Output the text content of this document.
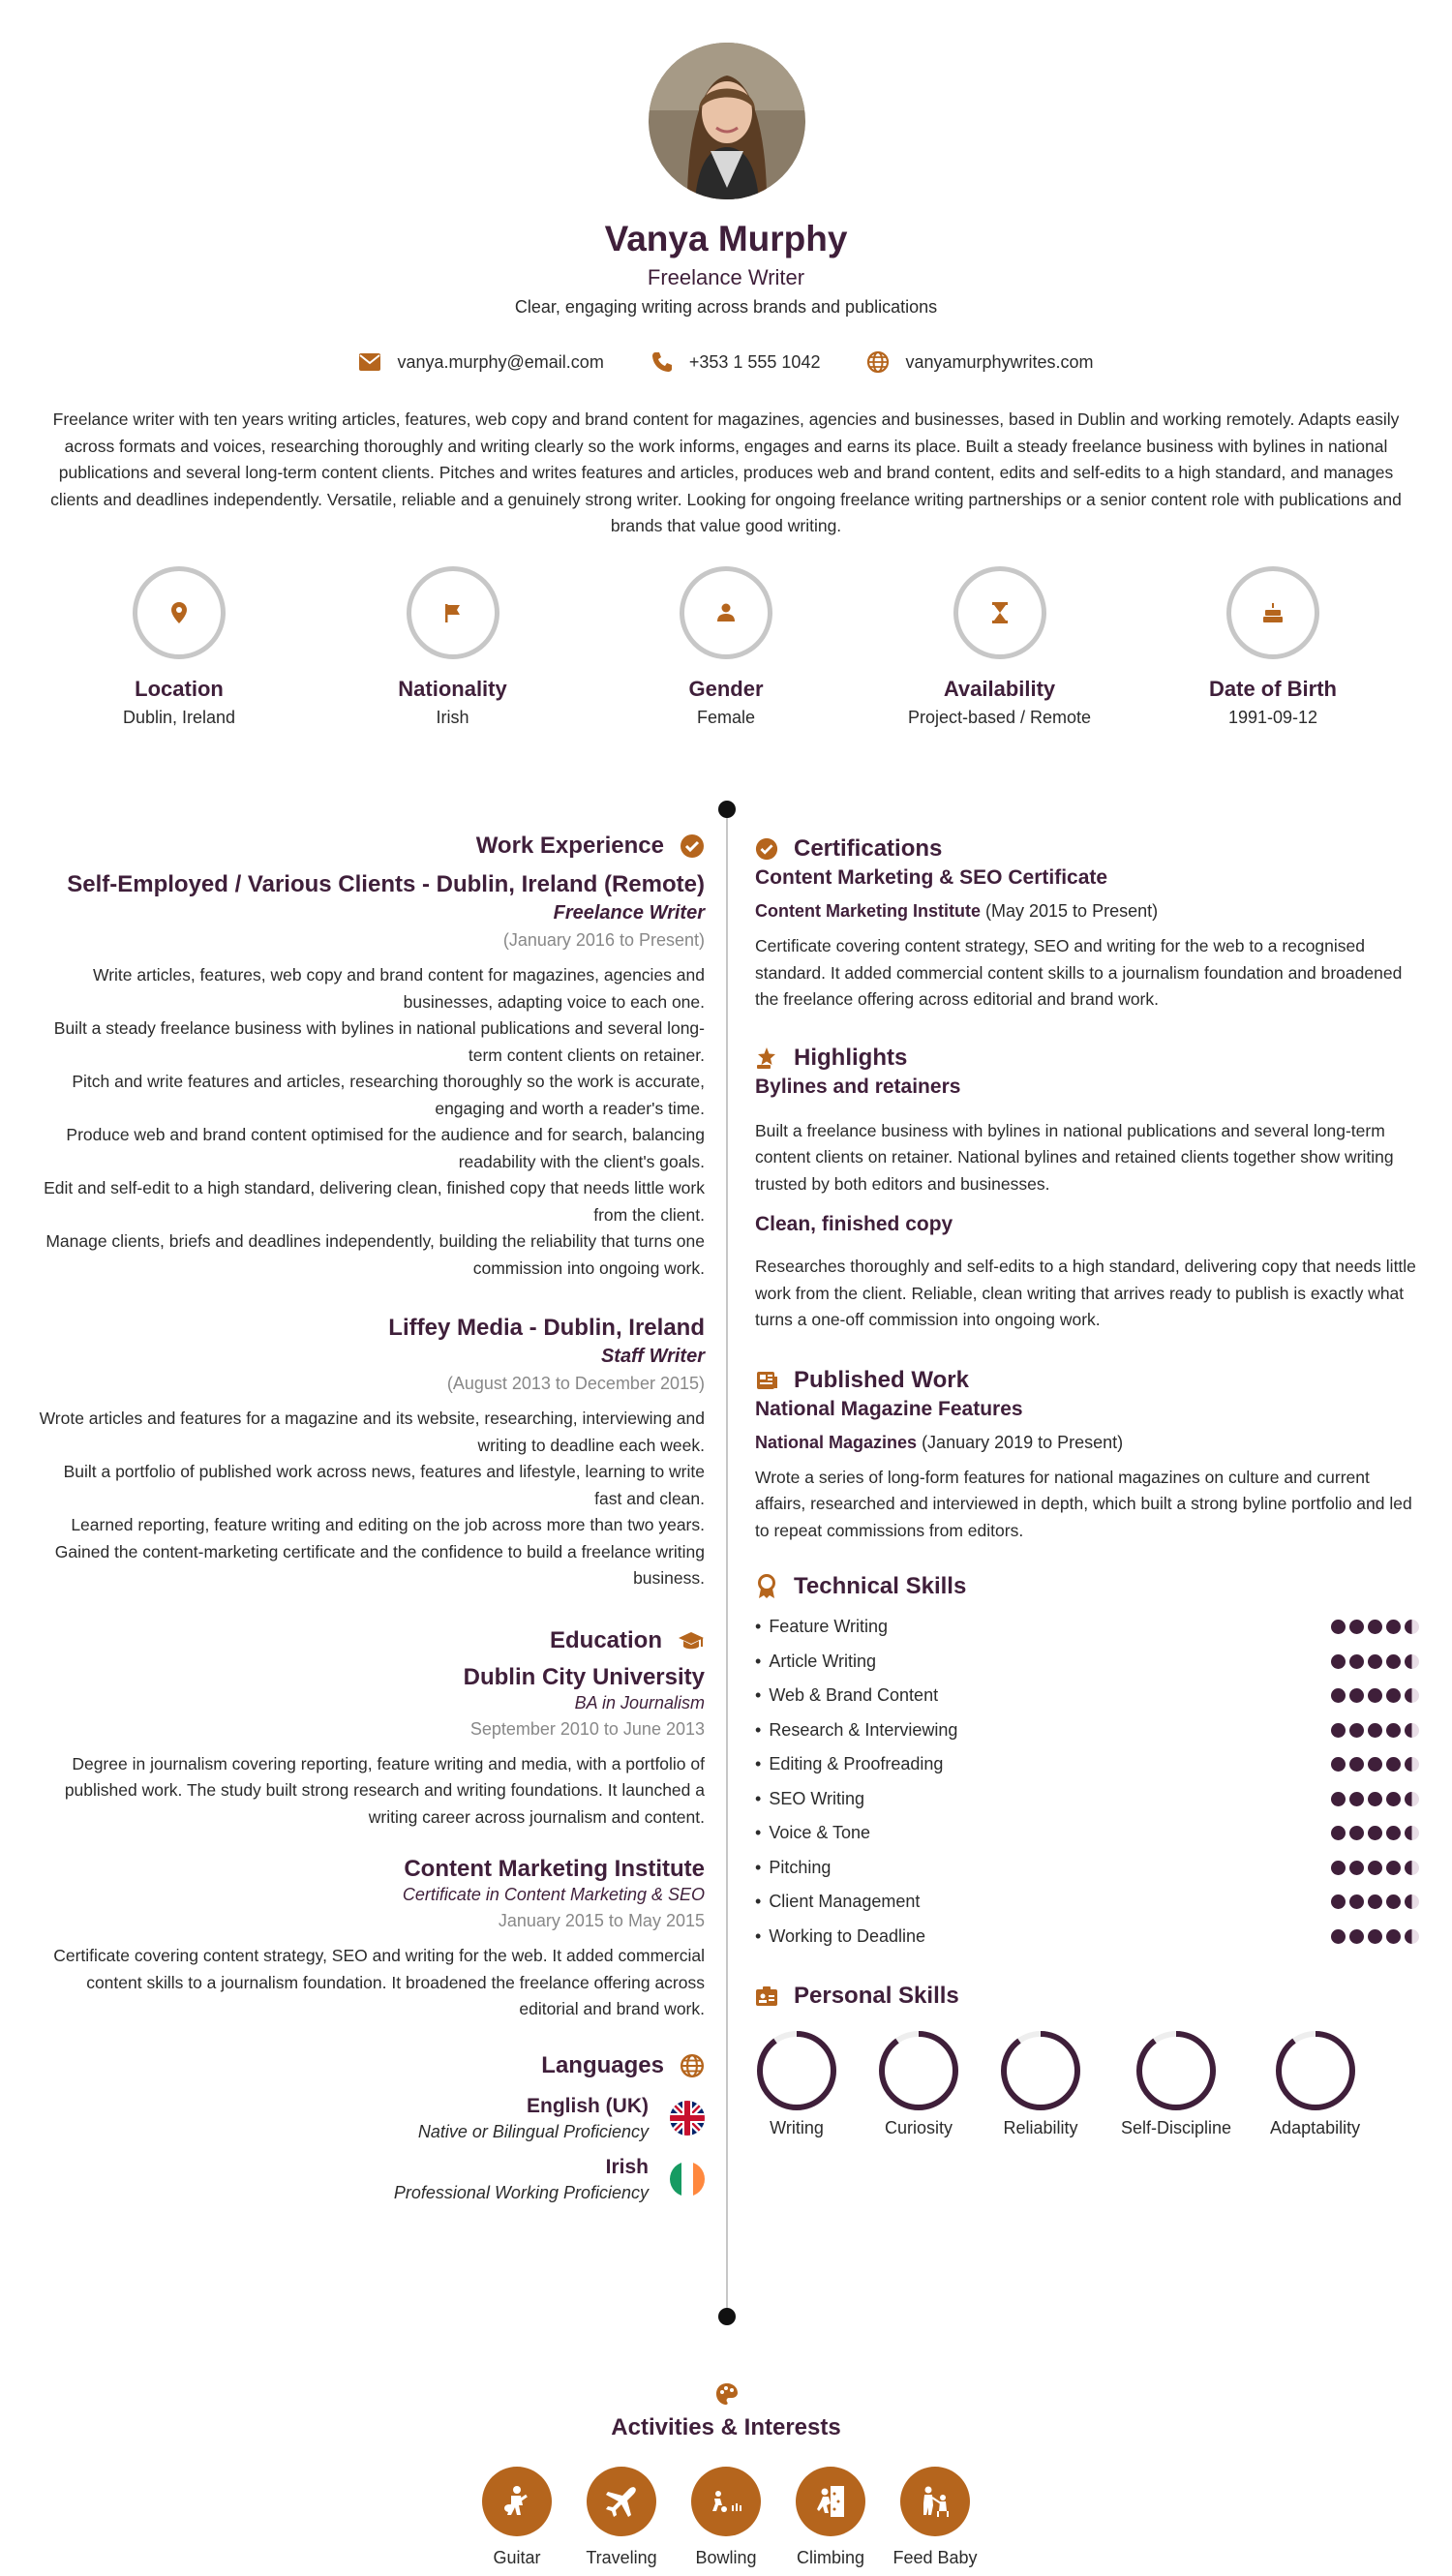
Vanya Murphy
Freelance Writer
Clear, engaging writing across brands and publications
vanya.murphy@email.com	+353 1 555 1042	vanyamurphywrites.com
Freelance writer with ten years writing articles, features, web copy and brand content for magazines, agencies and businesses, based in Dublin and working remotely. Adapts easily across formats and voices, researching thoroughly and writing clearly so the work informs, engages and earns its place. Built a steady freelance business with bylines in national publications and several long-term content clients. Pitches and writes features and articles, produces web and brand content, edits and self-edits to a high standard, and manages clients and deadlines independently. Versatile, reliable and a genuinely strong writer. Looking for ongoing freelance writing partnerships or a senior content role with publications and brands that value good writing.
Location
Dublin, Ireland
Nationality
Irish
Gender
Female
Availability
Project-based / Remote
Date of Birth
1991-09-12
Work Experience
Self-Employed / Various Clients - Dublin, Ireland (Remote)
Freelance Writer
(January 2016 to Present)
Write articles, features, web copy and brand content for magazines, agencies and businesses, adapting voice to each one.
Built a steady freelance business with bylines in national publications and several long-term content clients on retainer.
Pitch and write features and articles, researching thoroughly so the work is accurate, engaging and worth a reader's time.
Produce web and brand content optimised for the audience and for search, balancing readability with the client's goals.
Edit and self-edit to a high standard, delivering clean, finished copy that needs little work from the client.
Manage clients, briefs and deadlines independently, building the reliability that turns one commission into ongoing work.
Liffey Media - Dublin, Ireland
Staff Writer
(August 2013 to December 2015)
Wrote articles and features for a magazine and its website, researching, interviewing and writing to deadline each week.
Built a portfolio of published work across news, features and lifestyle, learning to write fast and clean.
Learned reporting, feature writing and editing on the job across more than two years.
Gained the content-marketing certificate and the confidence to build a freelance writing business.
Education
Dublin City University
BA in Journalism
September 2010 to June 2013
Degree in journalism covering reporting, feature writing and media, with a portfolio of published work. The study built strong research and writing foundations. It launched a writing career across journalism and content.
Content Marketing Institute
Certificate in Content Marketing & SEO
January 2015 to May 2015
Certificate covering content strategy, SEO and writing for the web. It added commercial content skills to a journalism foundation. It broadened the freelance offering across editorial and brand work.
Languages
English (UK)
Native or Bilingual Proficiency
Irish
Professional Working Proficiency
Certifications
Content Marketing & SEO Certificate
Content Marketing Institute (May 2015 to Present)
Certificate covering content strategy, SEO and writing for the web to a recognised standard. It added commercial content skills to a journalism foundation and broadened the freelance offering across editorial and brand work.
Highlights
Bylines and retainers
Built a freelance business with bylines in national publications and several long-term content clients on retainer. National bylines and retained clients together show writing trusted by both editors and businesses.
Clean, finished copy
Researches thoroughly and self-edits to a high standard, delivering copy that needs little work from the client. Reliable, clean writing that arrives ready to publish is exactly what turns a one-off commission into ongoing work.
Published Work
National Magazine Features
National Magazines (January 2019 to Present)
Wrote a series of long-form features for national magazines on culture and current affairs, researched and interviewed in depth, which built a strong byline portfolio and led to repeat commissions from editors.
Technical Skills
• Feature Writing
• Article Writing
• Web & Brand Content
• Research & Interviewing
• Editing & Proofreading
• SEO Writing
• Voice & Tone
• Pitching
• Client Management
• Working to Deadline
Personal Skills
Writing	Curiosity	Reliability Self-Discipline Adaptability
Activities & Interests
Guitar	Traveling	Bowling	Climbing	Feed Baby
